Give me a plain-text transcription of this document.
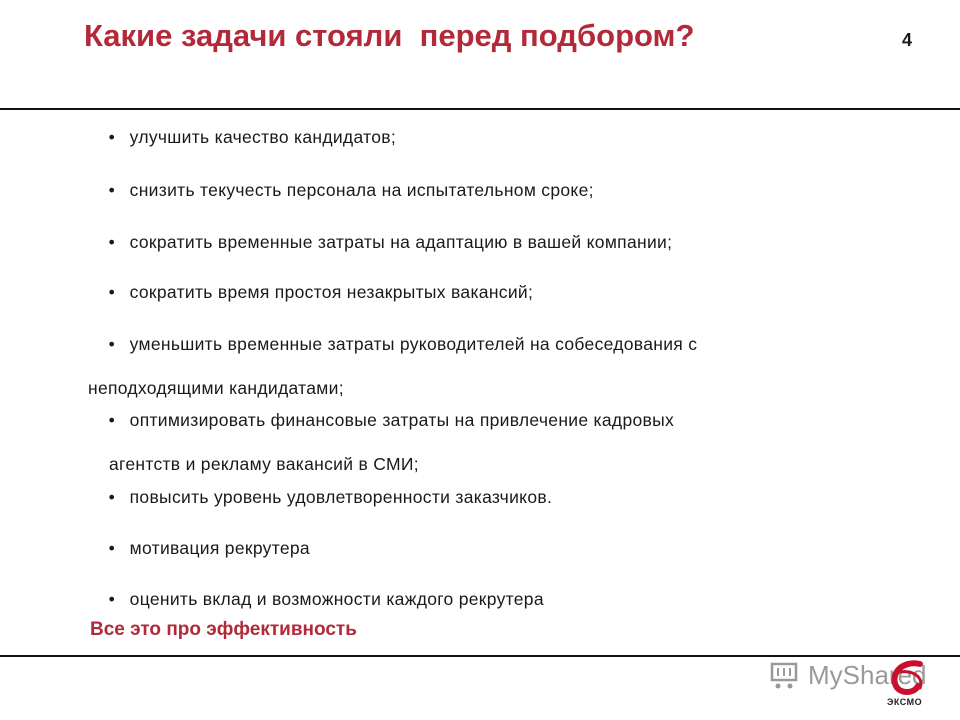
Какие задачи стояли  перед подбором?	4

• улучшить качество кандидатов;

• снизить текучесть персонала на испытательном сроке;

• сократить временные затраты на адаптацию в вашей компании;

• сократить время простоя незакрытых вакансий;

• уменьшить временные затраты руководителей на собеседования с

неподходящими кандидатами;

• оптимизировать финансовые затраты на привлечение кадровых

агентств и рекламу вакансий в СМИ;

• повысить уровень удовлетворенности заказчиков.

• мотивация рекрутера

• оценить вклад и возможности каждого рекрутера

Все это про эффективность
MyShared
ЭКСМО
